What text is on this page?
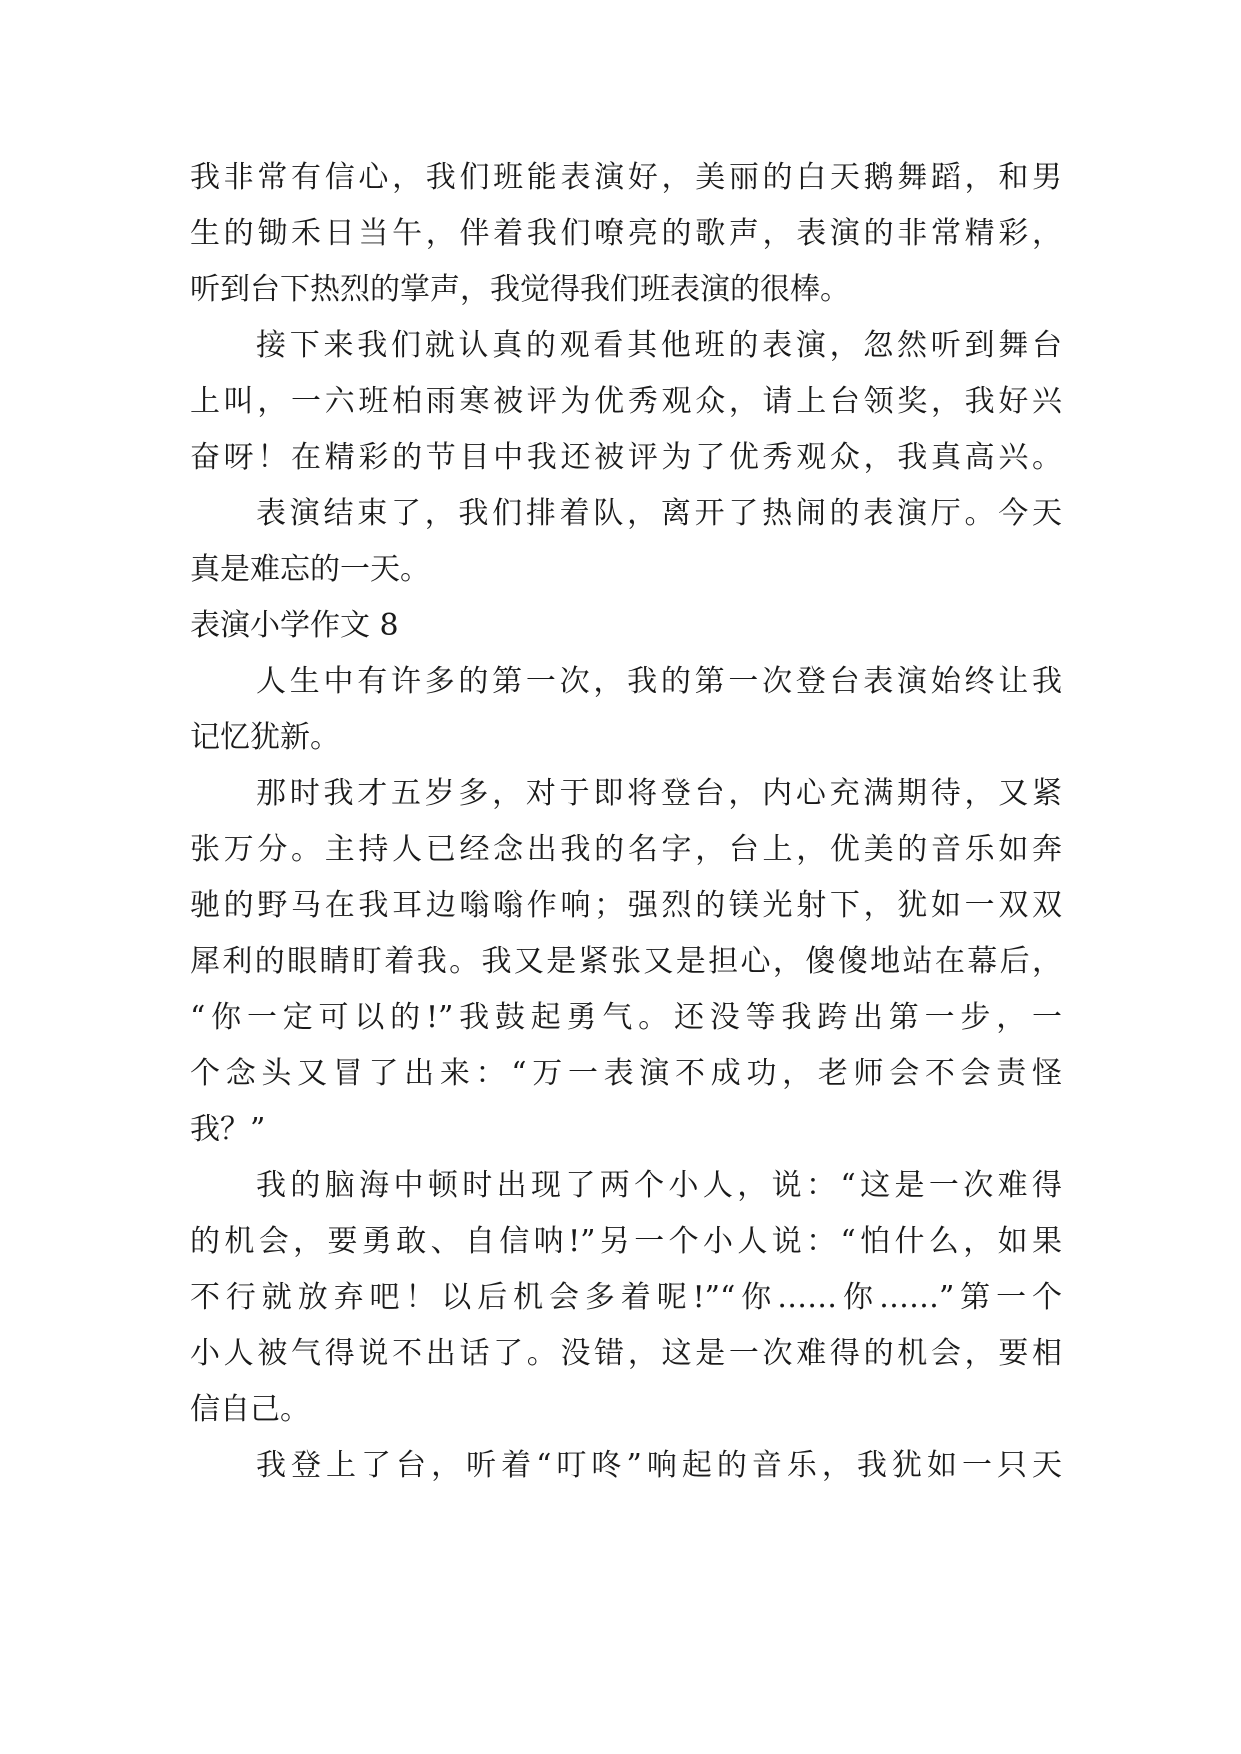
我非常有信心，我们班能表演好，美丽的白天鹅舞蹈，和男
生的锄禾日当午，伴着我们嘹亮的歌声，表演的非常精彩，
听到台下热烈的掌声，我觉得我们班表演的很棒。
接下来我们就认真的观看其他班的表演，忽然听到舞台
上叫，一六班柏雨寒被评为优秀观众，请上台领奖，我好兴
奋呀！在精彩的节目中我还被评为了优秀观众，我真高兴。
表演结束了，我们排着队，离开了热闹的表演厅。今天
真是难忘的一天。
表演小学作文 8
人生中有许多的第一次，我的第一次登台表演始终让我
记忆犹新。
那时我才五岁多，对于即将登台，内心充满期待，又紧
张万分。主持人已经念出我的名字，台上，优美的音乐如奔
驰的野马在我耳边嗡嗡作响；强烈的镁光射下，犹如一双双
犀利的眼睛盯着我。我又是紧张又是担心，傻傻地站在幕后，
“你一定可以的!”我鼓起勇气。还没等我跨出第一步，一
个念头又冒了出来：“万一表演不成功，老师会不会责怪
我？”
我的脑海中顿时出现了两个小人，说：“这是一次难得
的机会，要勇敢、自信呐!”另一个小人说：“怕什么，如果
不行就放弃吧！以后机会多着呢!”“你……你……”第一个
小人被气得说不出话了。没错，这是一次难得的机会，要相
信自己。
我登上了台，听着“叮咚”响起的音乐，我犹如一只天
